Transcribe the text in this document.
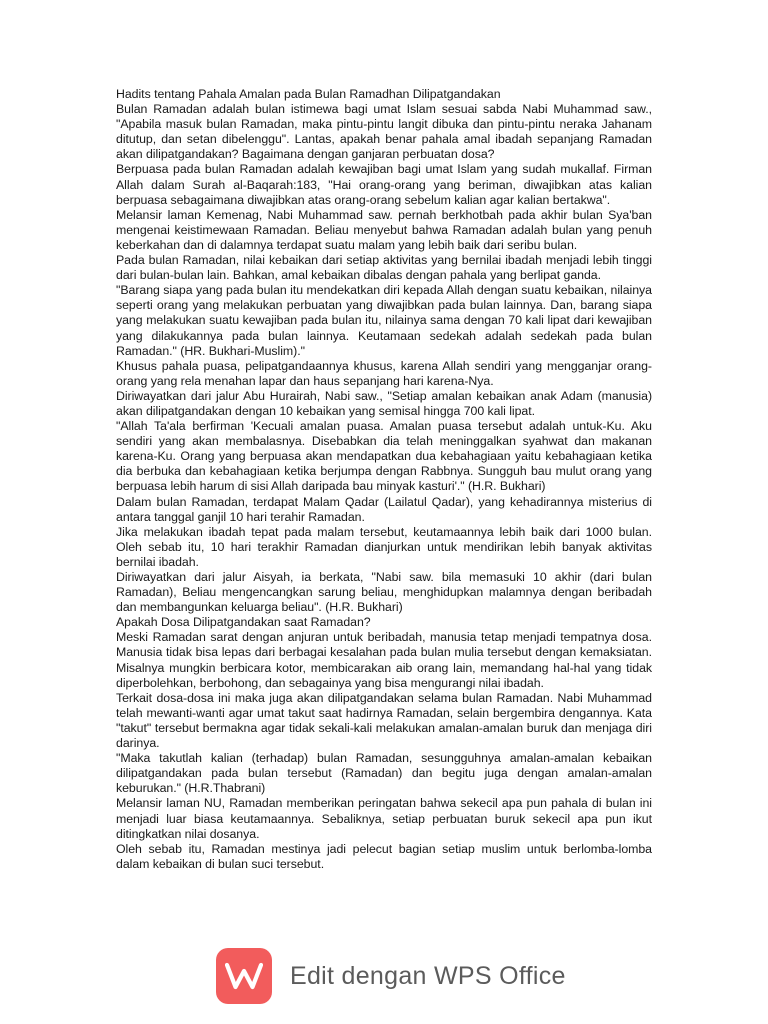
Hadits tentang Pahala Amalan pada Bulan Ramadhan Dilipatgandakan

Bulan Ramadan adalah bulan istimewa bagi umat Islam sesuai sabda Nabi Muhammad saw., "Apabila masuk bulan Ramadan, maka pintu-pintu langit dibuka dan pintu-pintu neraka Jahanam ditutup, dan setan dibelenggu". Lantas, apakah benar pahala amal ibadah sepanjang Ramadan akan dilipatgandakan? Bagaimana dengan ganjaran perbuatan dosa?

Berpuasa pada bulan Ramadan adalah kewajiban bagi umat Islam yang sudah mukallaf. Firman Allah dalam Surah al-Baqarah:183, "Hai orang-orang yang beriman, diwajibkan atas kalian berpuasa sebagaimana diwajibkan atas orang-orang sebelum kalian agar kalian bertakwa".

Melansir laman Kemenag, Nabi Muhammad saw. pernah berkhotbah pada akhir bulan Sya'ban mengenai keistimewaan Ramadan. Beliau menyebut bahwa Ramadan adalah bulan yang penuh keberkahan dan di dalamnya terdapat suatu malam yang lebih baik dari seribu bulan.

Pada bulan Ramadan, nilai kebaikan dari setiap aktivitas yang bernilai ibadah menjadi lebih tinggi dari bulan-bulan lain. Bahkan, amal kebaikan dibalas dengan pahala yang berlipat ganda.

"Barang siapa yang pada bulan itu mendekatkan diri kepada Allah dengan suatu kebaikan, nilainya seperti orang yang melakukan perbuatan yang diwajibkan pada bulan lainnya. Dan, barang siapa yang melakukan suatu kewajiban pada bulan itu, nilainya sama dengan 70 kali lipat dari kewajiban yang dilakukannya pada bulan lainnya. Keutamaan sedekah adalah sedekah pada bulan Ramadan." (HR. Bukhari-Muslim)."

Khusus pahala puasa, pelipatgandaannya khusus, karena Allah sendiri yang mengganjar orang-orang yang rela menahan lapar dan haus sepanjang hari karena-Nya.

Diriwayatkan dari jalur Abu Hurairah, Nabi saw., "Setiap amalan kebaikan anak Adam (manusia) akan dilipatgandakan dengan 10 kebaikan yang semisal hingga 700 kali lipat.

"Allah Ta'ala berfirman 'Kecuali amalan puasa. Amalan puasa tersebut adalah untuk-Ku. Aku sendiri yang akan membalasnya. Disebabkan dia telah meninggalkan syahwat dan makanan karena-Ku. Orang yang berpuasa akan mendapatkan dua kebahagiaan yaitu kebahagiaan ketika dia berbuka dan kebahagiaan ketika berjumpa dengan Rabbnya. Sungguh bau mulut orang yang berpuasa lebih harum di sisi Allah daripada bau minyak kasturi'." (H.R. Bukhari)

Dalam bulan Ramadan, terdapat Malam Qadar (Lailatul Qadar), yang kehadirannya misterius di antara tanggal ganjil 10 hari terahir Ramadan.

Jika melakukan ibadah tepat pada malam tersebut, keutamaannya lebih baik dari 1000 bulan. Oleh sebab itu, 10 hari terakhir Ramadan dianjurkan untuk mendirikan lebih banyak aktivitas bernilai ibadah.

Diriwayatkan dari jalur Aisyah, ia berkata, "Nabi saw. bila memasuki 10 akhir (dari bulan Ramadan), Beliau mengencangkan sarung beliau, menghidupkan malamnya dengan beribadah dan membangunkan keluarga beliau". (H.R. Bukhari)

Apakah Dosa Dilipatgandakan saat Ramadan?

Meski Ramadan sarat dengan anjuran untuk beribadah, manusia tetap menjadi tempatnya dosa. Manusia tidak bisa lepas dari berbagai kesalahan pada bulan mulia tersebut dengan kemaksiatan. Misalnya mungkin berbicara kotor, membicarakan aib orang lain, memandang hal-hal yang tidak diperbolehkan, berbohong, dan sebagainya yang bisa mengurangi nilai ibadah.

Terkait dosa-dosa ini maka juga akan dilipatgandakan selama bulan Ramadan. Nabi Muhammad telah mewanti-wanti agar umat takut saat hadirnya Ramadan, selain bergembira dengannya. Kata "takut" tersebut bermakna agar tidak sekali-kali melakukan amalan-amalan buruk dan menjaga diri darinya.

"Maka takutlah kalian (terhadap) bulan Ramadan, sesungguhnya amalan-amalan kebaikan dilipatgandakan pada bulan tersebut (Ramadan) dan begitu juga dengan amalan-amalan keburukan." (H.R.Thabrani)

Melansir laman NU, Ramadan memberikan peringatan bahwa sekecil apa pun pahala di bulan ini menjadi luar biasa keutamaannya. Sebaliknya, setiap perbuatan buruk sekecil apa pun ikut ditingkatkan nilai dosanya.

Oleh sebab itu, Ramadan mestinya jadi pelecut bagian setiap muslim untuk berlomba-lomba dalam kebaikan di bulan suci tersebut.

Edit dengan WPS Office
